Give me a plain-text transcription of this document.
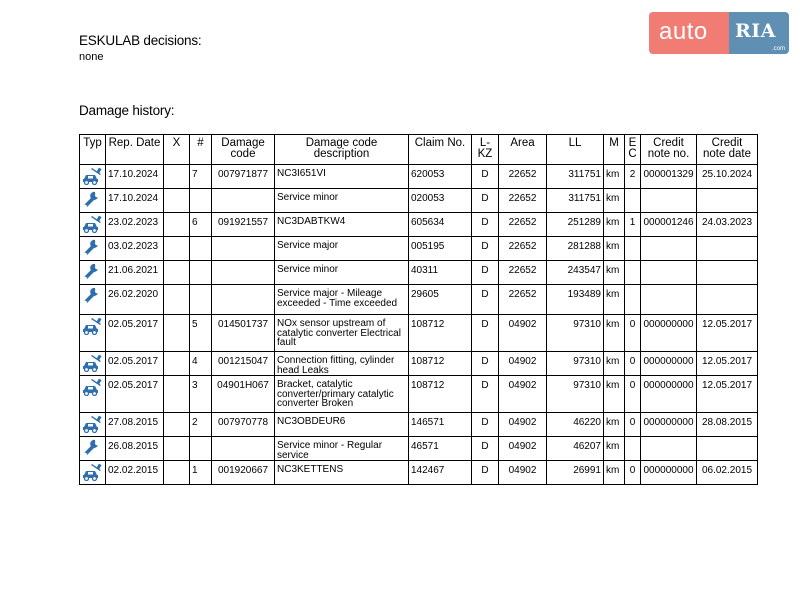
ESKULAB decisions:
none
Damage history:
auto RIA
.com
Typ	Rep. Date	X	#	Damage code	Damage code description	Claim No.	L-KZ	Area	LL	M	E C	Credit note no.	Credit note date
	17.10.2024		7	007971877	NC3I651VI	620053	D	22652	311751	km	2	000001329	25.10.2024
	17.10.2024				Service minor	020053	D	22652	311751	km			
	23.02.2023		6	091921557	NC3DABTKW4	605634	D	22652	251289	km	1	000001246	24.03.2023
	03.02.2023				Service major	005195	D	22652	281288	km			
	21.06.2021				Service minor	40311	D	22652	243547	km			
	26.02.2020				Service major - Mileage exceeded - Time exceeded	29605	D	22652	193489	km			
	02.05.2017		5	014501737	NOx sensor upstream of catalytic converter Electrical fault	108712	D	04902	97310	km	0	000000000	12.05.2017
	02.05.2017		4	001215047	Connection fitting, cylinder head Leaks	108712	D	04902	97310	km	0	000000000	12.05.2017
	02.05.2017		3	04901H067	Bracket, catalytic converter/primary catalytic converter Broken	108712	D	04902	97310	km	0	000000000	12.05.2017
	27.08.2015		2	007970778	NC3OBDEUR6	146571	D	04902	46220	km	0	000000000	28.08.2015
	26.08.2015				Service minor - Regular service	46571	D	04902	46207	km			
	02.02.2015		1	001920667	NC3KETTENS	142467	D	04902	26991	km	0	000000000	06.02.2015
